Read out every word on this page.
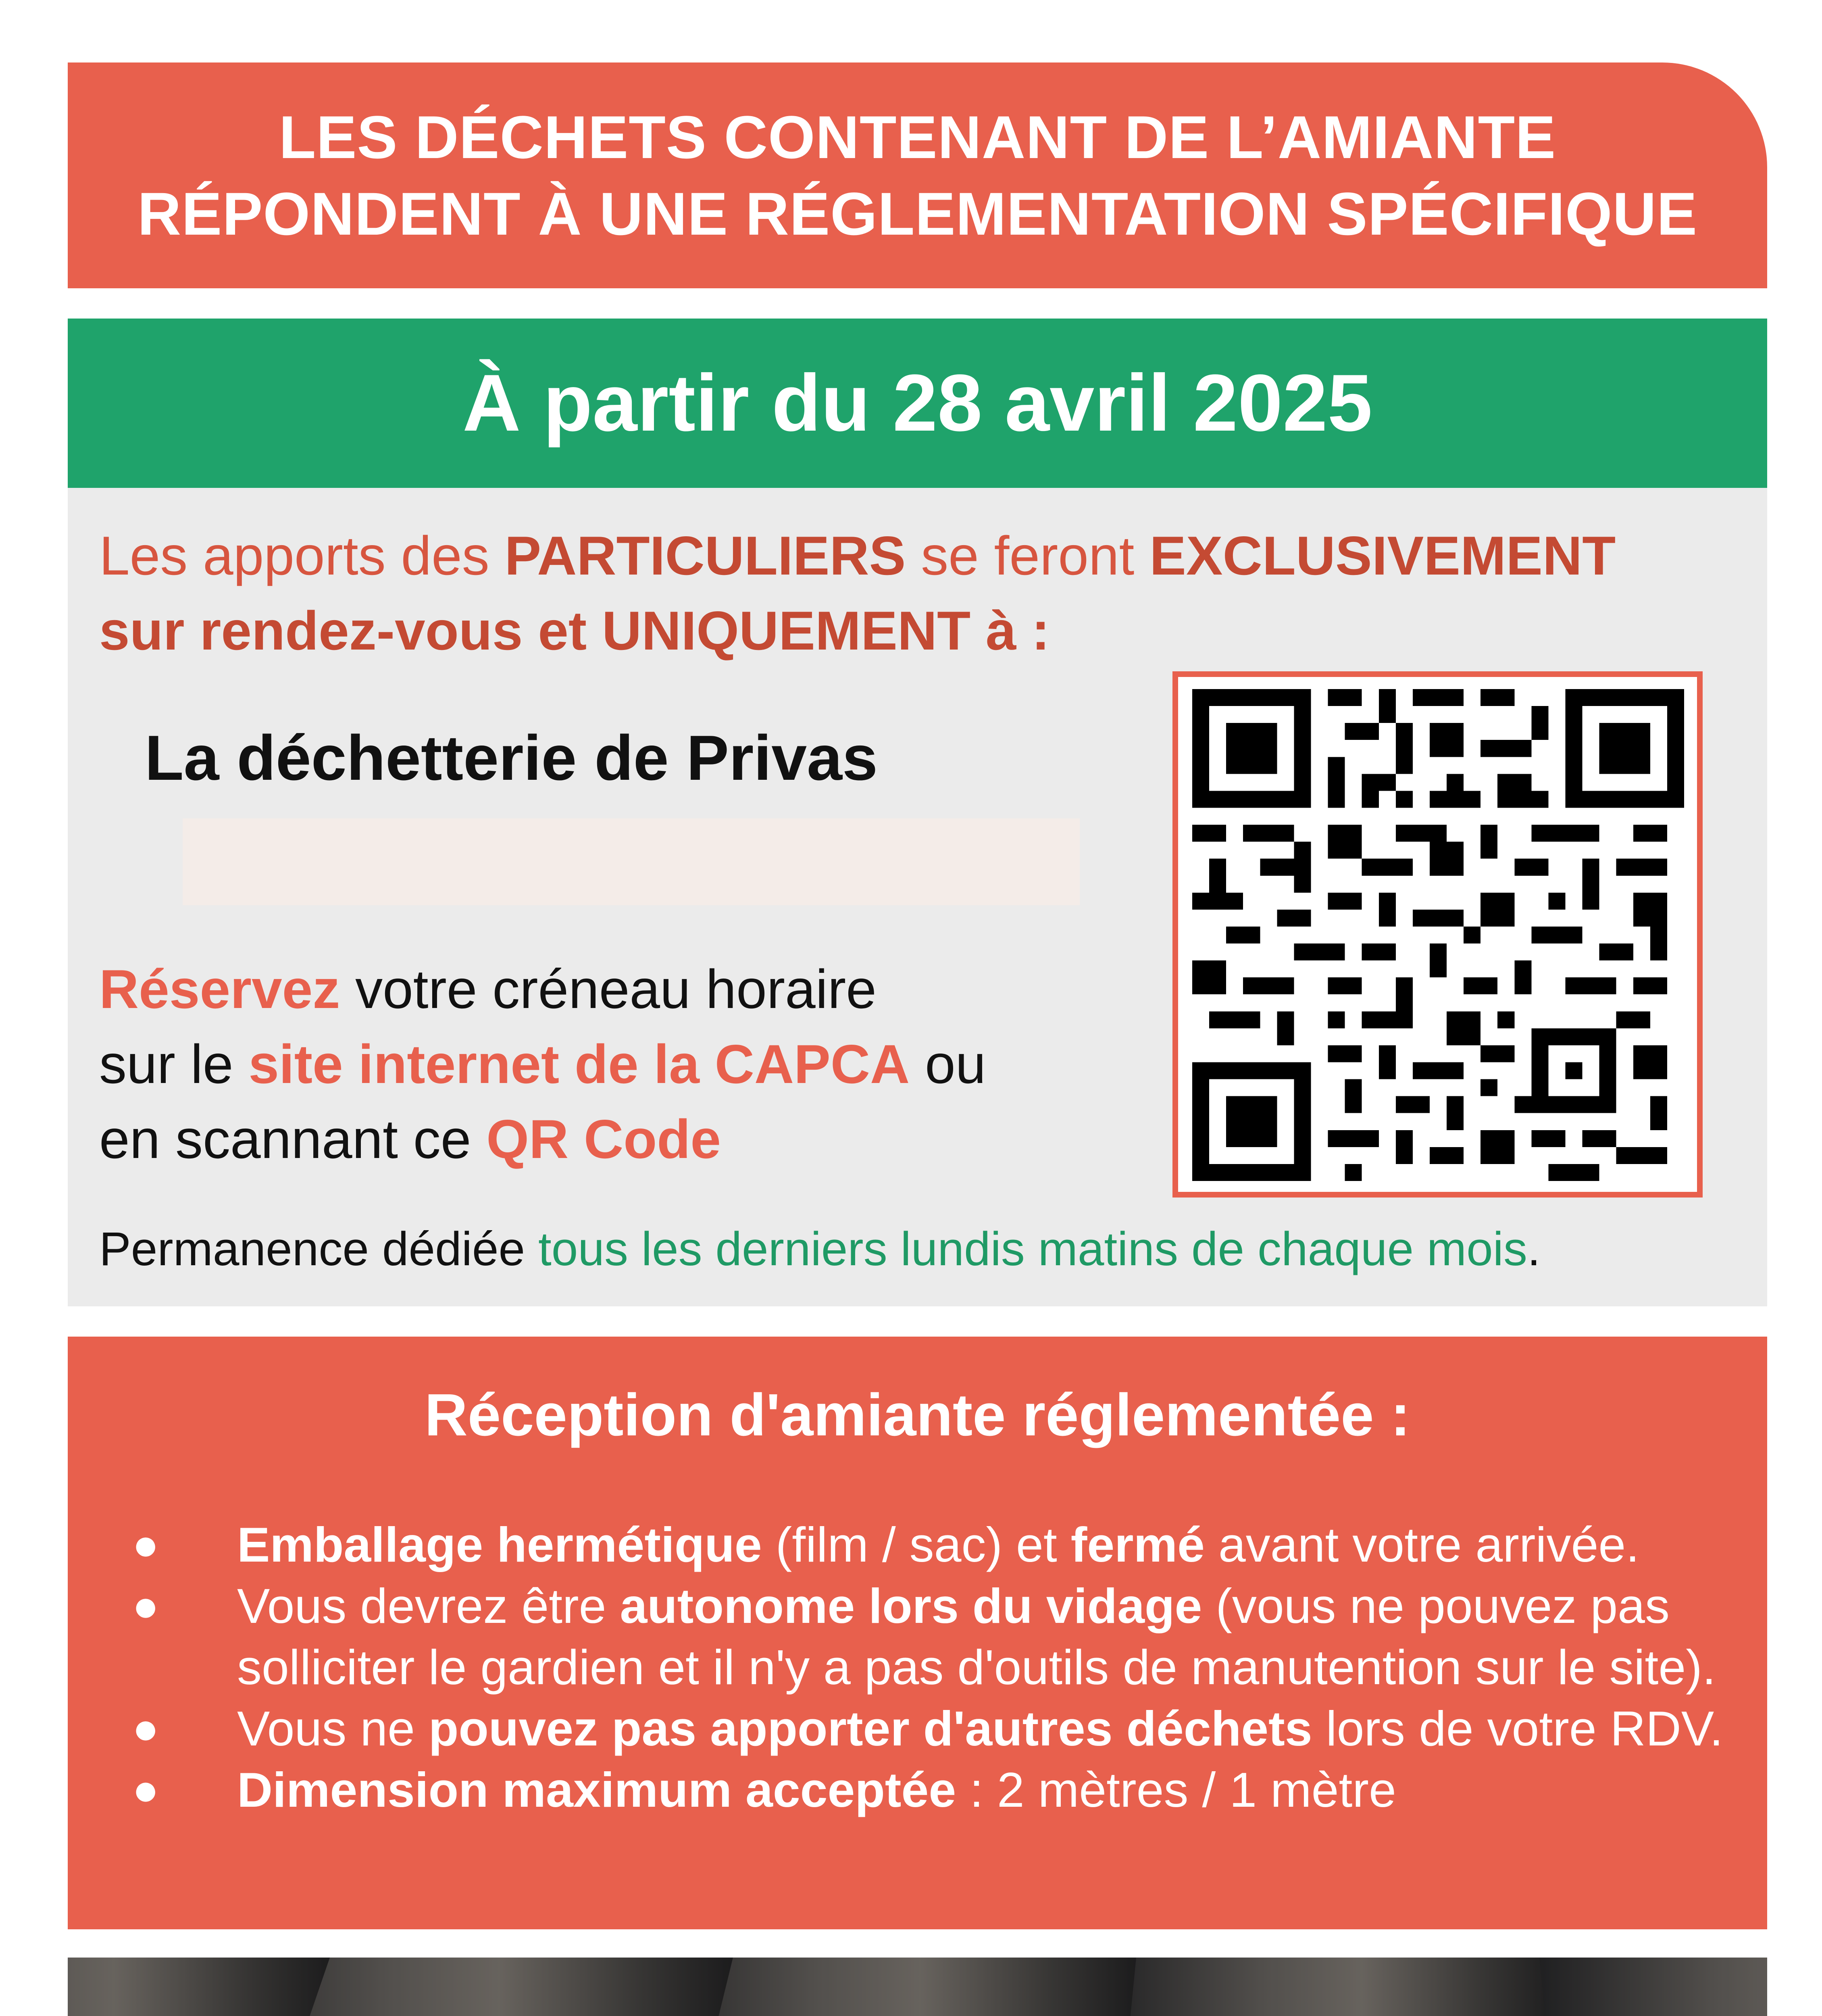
LES DÉCHETS CONTENANT DE L’AMIANTE
RÉPONDENT À UNE RÉGLEMENTATION SPÉCIFIQUE
À partir du 28 avril 2025
Les apports des PARTICULIERS se feront EXCLUSIVEMENT
sur rendez-vous et UNIQUEMENT à :
La déchetterie de Privas
Réservez votre créneau horaire
sur le site internet de la CAPCA ou
en scannant ce QR Code
Permanence dédiée tous les derniers lundis matins de chaque mois.
Réception d'amiante réglementée :
● Emballage hermétique (film / sac) et fermé avant votre arrivée.
● Vous devrez être autonome lors du vidage (vous ne pouvez pas solliciter le gardien et il n'y a pas d'outils de manutention sur le site).
● Vous ne pouvez pas apporter d'autres déchets lors de votre RDV.
● Dimension maximum acceptée : 2 mètres / 1 mètre
